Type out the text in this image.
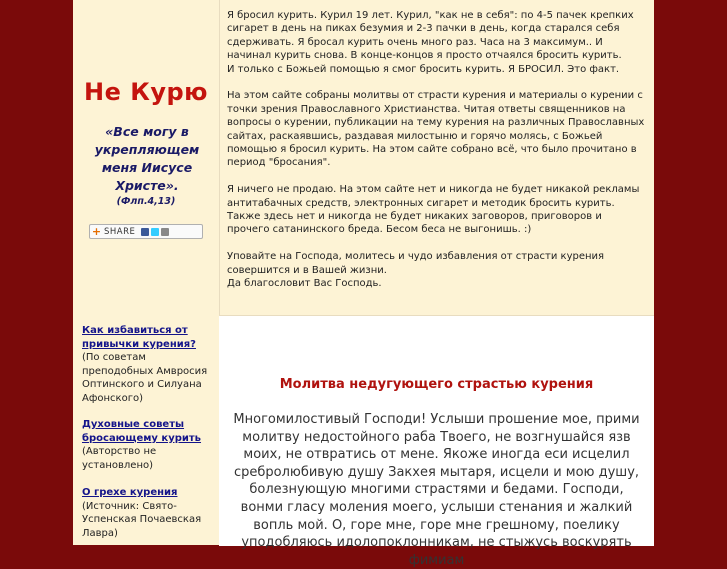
Не Курю
«Все могу в укрепляющем меня Иисусе Христе».
(Флп.4,13)
+ SHARE

Я бросил курить. Курил 19 лет. Курил, "как не в себя": по 4-5 пачек крепких сигарет в день на пиках безумия и 2-3 пачки в день, когда старался себя сдерживать. Я бросал курить очень много раз. Часа на 3 максимум.. И начинал курить снова. В конце-концов я просто отчаялся бросить курить.
И только с Божьей помощью я смог бросить курить. Я БРОСИЛ. Это факт.

На этом сайте собраны молитвы от страсти курения и материалы о курении с точки зрения Православного Христианства. Читая ответы священников на вопросы о курении, публикации на тему курения на различных Православных сайтах, раскаявшись, раздавая милостыню и горячо молясь, с Божьей помощью я бросил курить. На этом сайте собрано всё, что было прочитано в период "бросания".

Я ничего не продаю. На этом сайте нет и никогда не будет никакой рекламы антитабачных средств, электронных сигарет и методик бросить курить. Также здесь нет и никогда не будет никаких заговоров, приговоров и прочего сатанинского бреда. Бесом беса не выгонишь. :)

Уповайте на Господа, молитесь и чудо избавления от страсти курения совершится и в Вашей жизни.
Да благословит Вас Господь.

Как избавиться от привычки курения?
(По советам преподобных Амвросия Оптинского и Силуана Афонского)
Духовные советы бросающему курить
(Авторство не установлено)
О грехе курения
(Источник: Свято-Успенская Почаевская Лавра)
Молитва недугующего страстью курения
Многомилостивый Господи! Услыши прошение мое, прими молитву недостойного раба Твоего, не возгнушайся язв моих, не отвратись от мене. Якоже иногда еси исцелил сребролюбивую душу Закхея мытаря, исцели и мою душу, болезнующую многими страстями и бедами. Господи, вонми гласу моления моего, услыши стенания и жалкий вопль мой. О, горе мне, горе мне грешному, поелику уподобляюсь идолопоклонникам, не стыжусь воскурять фимиам
